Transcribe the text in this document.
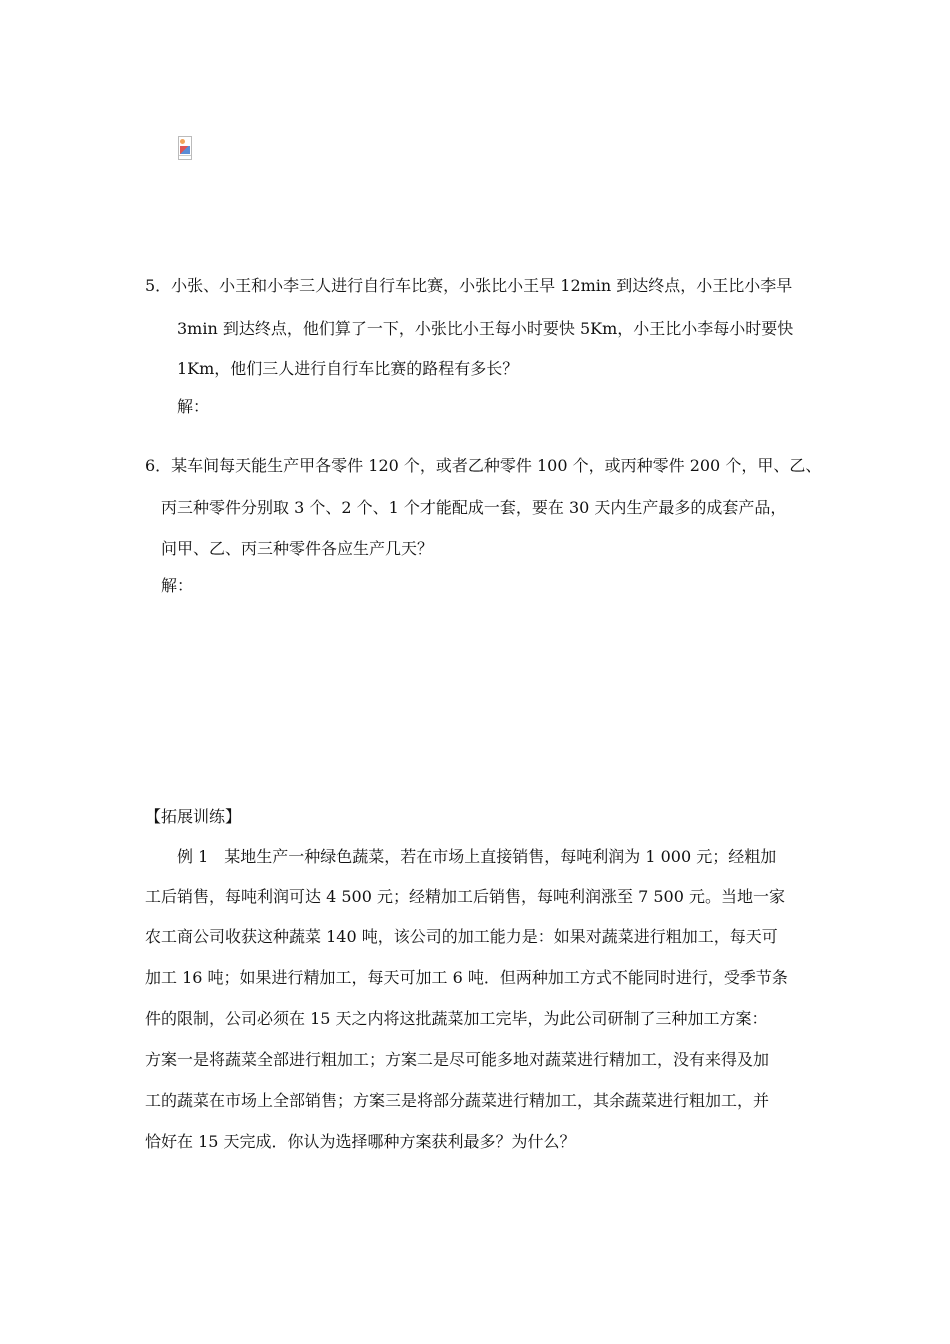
5．小张、小王和小李三人进行自行车比赛，小张比小王早 12min 到达终点，小王比小李早
3min 到达终点，他们算了一下，小张比小王每小时要快 5Km，小王比小李每小时要快
1Km，他们三人进行自行车比赛的路程有多长？
解：
6．某车间每天能生产甲各零件 120 个，或者乙种零件 100 个，或丙种零件 200 个，甲、乙、
丙三种零件分别取 3 个、2 个、1 个才能配成一套，要在 30 天内生产最多的成套产品，
问甲、乙、丙三种零件各应生产几天？
解：
【拓展训练】
例 1　某地生产一种绿色蔬菜，若在市场上直接销售，每吨利润为 1 000 元；经粗加
工后销售，每吨利润可达 4 500 元；经精加工后销售，每吨利润涨至 7 500 元。当地一家
农工商公司收获这种蔬菜 140 吨，该公司的加工能力是：如果对蔬菜进行粗加工，每天可
加工 16 吨；如果进行精加工，每天可加工 6 吨．但两种加工方式不能同时进行，受季节条
件的限制，公司必须在 15 天之内将这批蔬菜加工完毕，为此公司研制了三种加工方案：
方案一是将蔬菜全部进行粗加工；方案二是尽可能多地对蔬菜进行精加工，没有来得及加
工的蔬菜在市场上全部销售；方案三是将部分蔬菜进行精加工，其余蔬菜进行粗加工，并
恰好在 15 天完成．你认为选择哪种方案获利最多？为什么？
